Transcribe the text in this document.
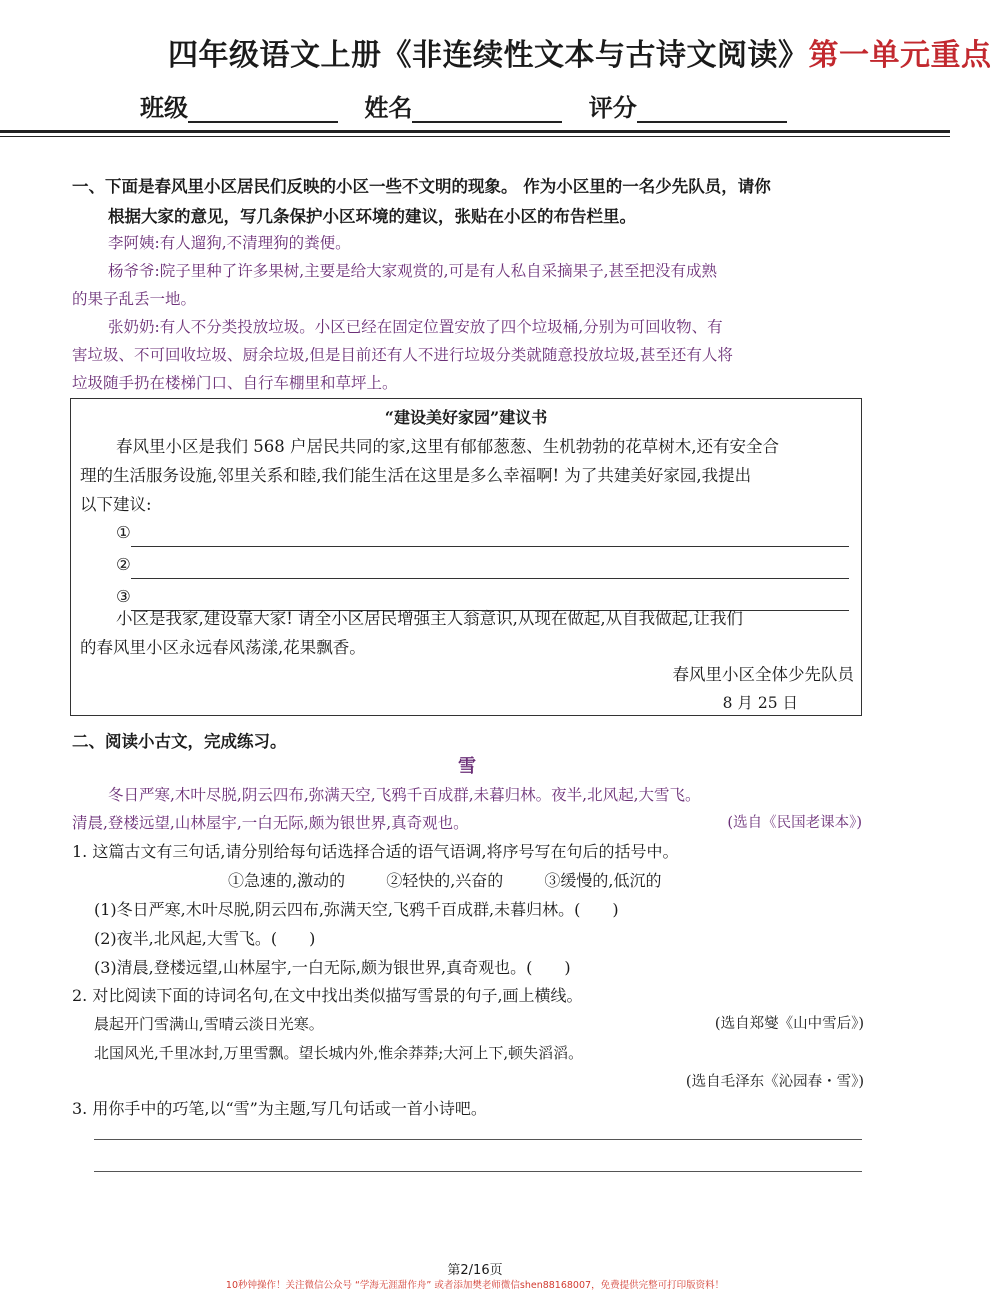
四年级语文上册《非连续性文本与古诗文阅读》第一单元重点
班级	姓名	评分
一、下面是春风里小区居民们反映的小区一些不文明的现象。 作为小区里的一名少先队员，请你
根据大家的意见，写几条保护小区环境的建议，张贴在小区的布告栏里。
李阿姨:有人遛狗,不清理狗的粪便。
杨爷爷:院子里种了许多果树,主要是给大家观赏的,可是有人私自采摘果子,甚至把没有成熟
的果子乱丢一地。
张奶奶:有人不分类投放垃圾。小区已经在固定位置安放了四个垃圾桶,分别为可回收物、有
害垃圾、不可回收垃圾、厨余垃圾,但是目前还有人不进行垃圾分类就随意投放垃圾,甚至还有人将
垃圾随手扔在楼梯门口、自行车棚里和草坪上。
“建设美好家园”建议书
春风里小区是我们 568 户居民共同的家,这里有郁郁葱葱、生机勃勃的花草树木,还有安全合
理的生活服务设施,邻里关系和睦,我们能生活在这里是多么幸福啊! 为了共建美好家园,我提出
以下建议:
①
②
③
小区是我家,建设靠大家! 请全小区居民增强主人翁意识,从现在做起,从自我做起,让我们
的春风里小区永远春风荡漾,花果飘香。
春风里小区全体少先队员
8 月 25 日
二、阅读小古文，完成练习。
雪
冬日严寒,木叶尽脱,阴云四布,弥满天空,飞鸦千百成群,未暮归林。夜半,北风起,大雪飞。
清晨,登楼远望,山林屋宇,一白无际,颇为银世界,真奇观也。	(选自《民国老课本》)
1. 这篇古文有三句话,请分别给每句话选择合适的语气语调,将序号写在句后的括号中。
①急速的,激动的	②轻快的,兴奋的	③缓慢的,低沉的
(1)冬日严寒,木叶尽脱,阴云四布,弥满天空,飞鸦千百成群,未暮归林。(　　)
(2)夜半,北风起,大雪飞。(　　)
(3)清晨,登楼远望,山林屋宇,一白无际,颇为银世界,真奇观也。(　　)
2. 对比阅读下面的诗词名句,在文中找出类似描写雪景的句子,画上横线。
晨起开门雪满山,雪晴云淡日光寒。	(选自郑燮《山中雪后》)
北国风光,千里冰封,万里雪飘。望长城内外,惟余莽莽;大河上下,顿失滔滔。
(选自毛泽东《沁园春・雪》)
3. 用你手中的巧笔,以“雪”为主题,写几句话或一首小诗吧。
第2/16页
10秒钟操作！关注微信公众号 “学海无涯甜作舟” 或者添加樊老师微信shen88168007，免费提供完整可打印版资料！
